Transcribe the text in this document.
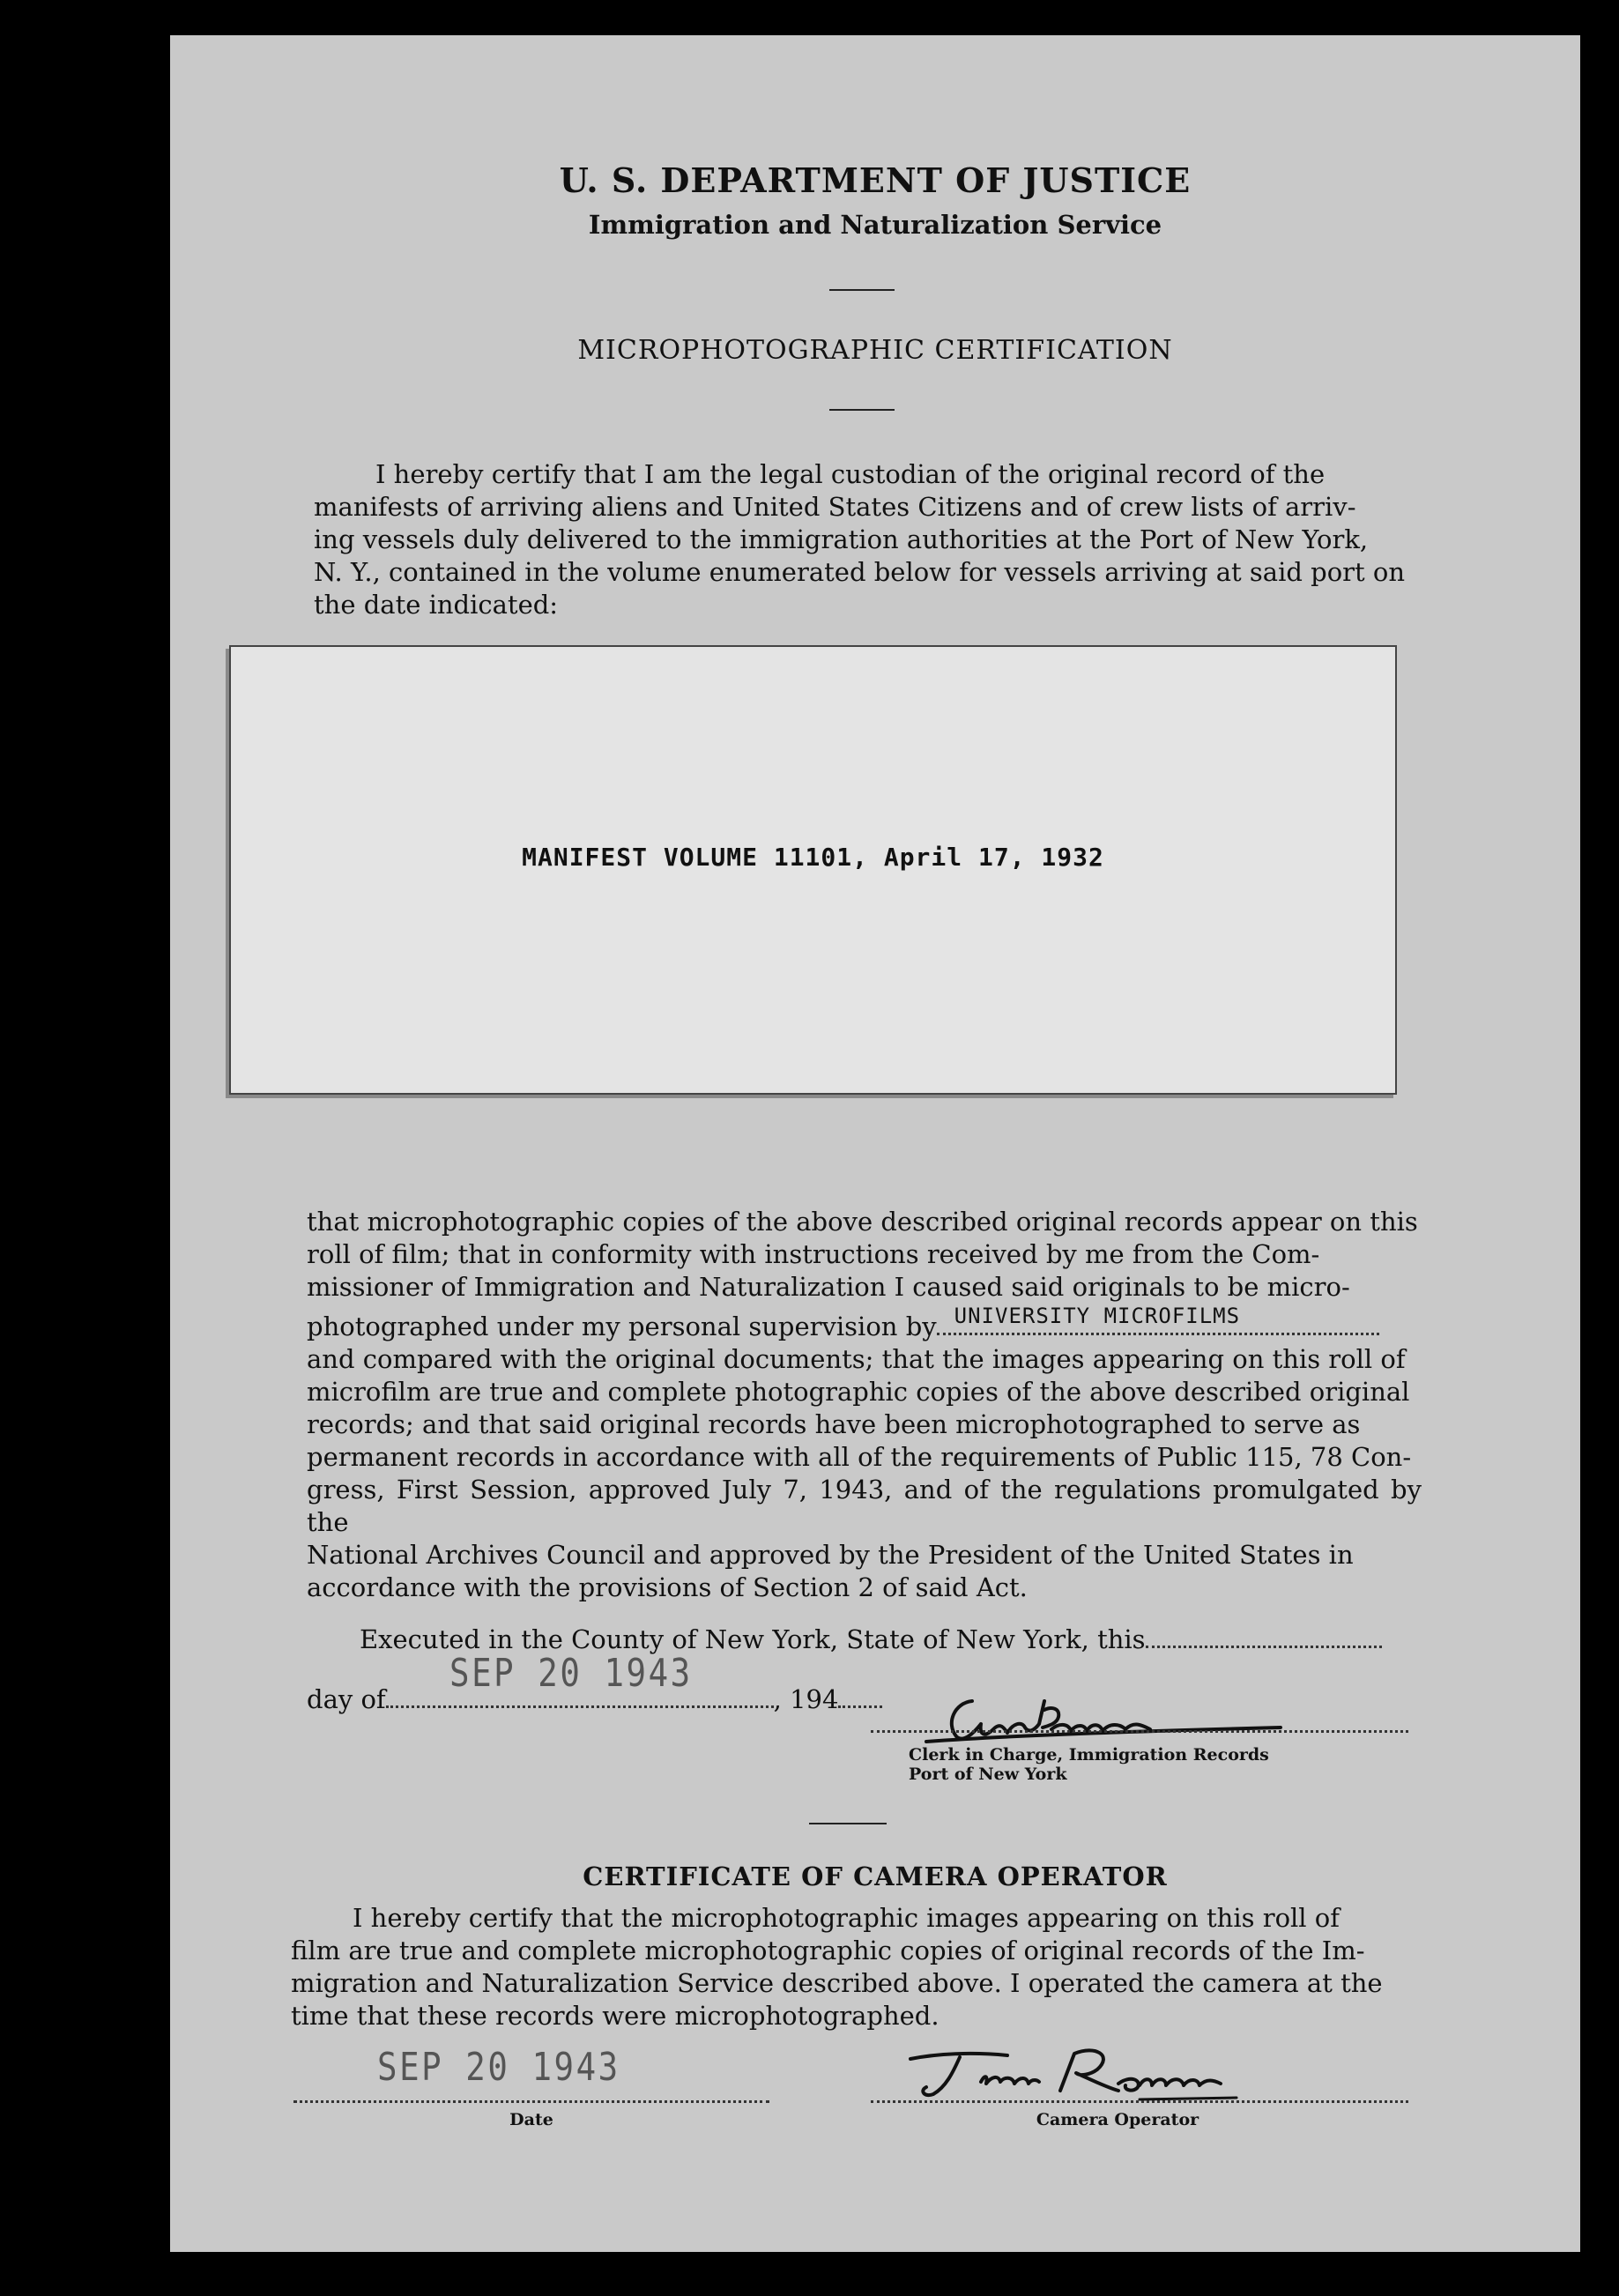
U. S. DEPARTMENT OF JUSTICE
Immigration and Naturalization Service
MICROPHOTOGRAPHIC CERTIFICATION

I hereby certify that I am the legal custodian of the original record of the

manifests of arriving aliens and United States Citizens and of crew lists of arriv-

ing vessels duly delivered to the immigration authorities at the Port of New York,

N. Y., contained in the volume enumerated below for vessels arriving at said port on

the date indicated:

MANIFEST VOLUME 11101, April 17, 1932

that microphotographic copies of the above described original records appear on this

roll of film; that in conformity with instructions received by me from the Com-

missioner of Immigration and Naturalization I caused said originals to be micro-

photographed under my personal supervision by UNIVERSITY MICROFILMS

and compared with the original documents; that the images appearing on this roll of

microfilm are true and complete photographic copies of the above described original

records; and that said original records have been microphotographed to serve as

permanent records in accordance with all of the requirements of Public 115, 78 Con-

gress, First Session, approved July 7, 1943, and of the regulations promulgated by the

National Archives Council and approved by the President of the United States in

accordance with the provisions of Section 2 of said Act.

Executed in the County of New York, State of New York, this
day of
SEP 20 1943
, 194
Clerk in Charge, Immigration Records
Port of New York
CERTIFICATE OF CAMERA OPERATOR

I hereby certify that the microphotographic images appearing on this roll of

film are true and complete microphotographic copies of original records of the Im-

migration and Naturalization Service described above. I operated the camera at the

time that these records were microphotographed.

SEP 20 1943
Date	Camera Operator
